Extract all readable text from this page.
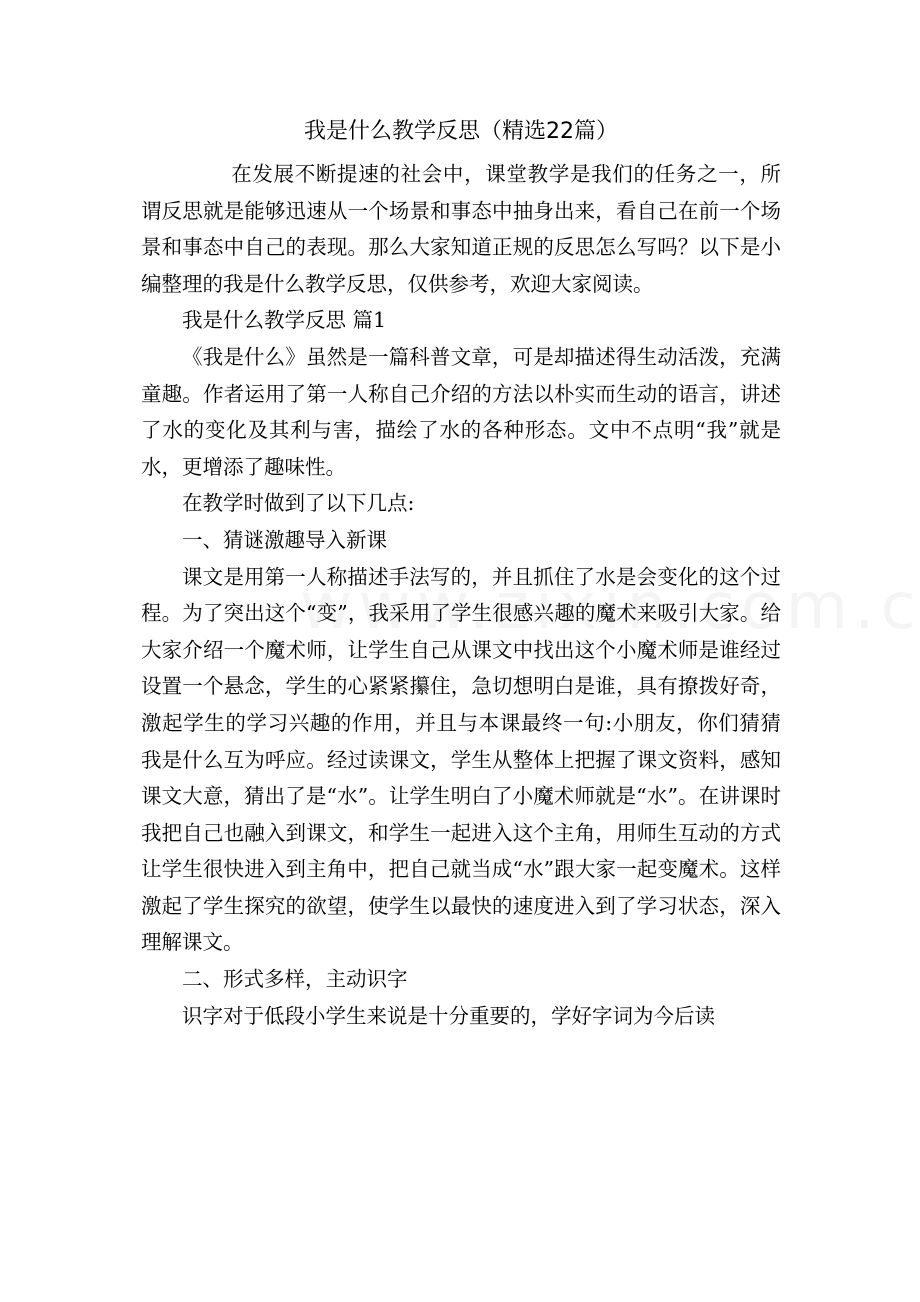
我是什么教学反思（精选22篇）

在发展不断提速的社会中，课堂教学是我们的任务之一，所谓反思就是能够迅速从一个场景和事态中抽身出来，看自己在前一个场景和事态中自己的表现。那么大家知道正规的反思怎么写吗？以下是小编整理的我是什么教学反思，仅供参考，欢迎大家阅读。

我是什么教学反思 篇1

《我是什么》虽然是一篇科普文章，可是却描述得生动活泼，充满童趣。作者运用了第一人称自己介绍的方法以朴实而生动的语言，讲述了水的变化及其利与害，描绘了水的各种形态。文中不点明“我”就是水，更增添了趣味性。

在教学时做到了以下几点:

一、猜谜激趣导入新课

课文是用第一人称描述手法写的，并且抓住了水是会变化的这个过程。为了突出这个“变”，我采用了学生很感兴趣的魔术来吸引大家。给大家介绍一个魔术师，让学生自己从课文中找出这个小魔术师是谁经过设置一个悬念，学生的心紧紧攥住，急切想明白是谁，具有撩拨好奇，激起学生的学习兴趣的作用，并且与本课最终一句:小朋友，你们猜猜我是什么互为呼应。经过读课文，学生从整体上把握了课文资料，感知课文大意，猜出了是“水”。让学生明白了小魔术师就是“水”。在讲课时我把自己也融入到课文，和学生一起进入这个主角，用师生互动的方式让学生很快进入到主角中，把自己就当成“水”跟大家一起变魔术。这样激起了学生探究的欲望，使学生以最快的速度进入到了学习状态，深入理解课文。

二、形式多样，主动识字

识字对于低段小学生来说是十分重要的，学好字词为今后读
